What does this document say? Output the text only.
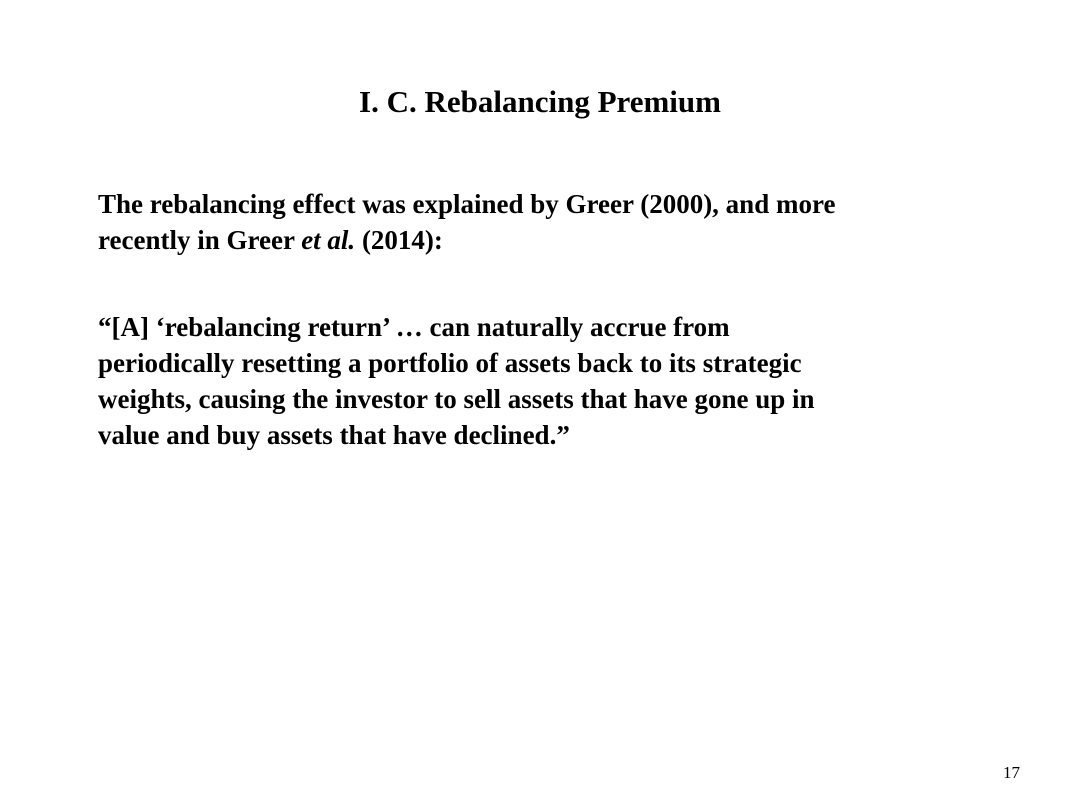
I. C. Rebalancing Premium
The rebalancing effect was explained by Greer (2000), and more
recently in Greer et al. (2014):
“[A] ‘rebalancing return’ … can naturally accrue from
periodically resetting a portfolio of assets back to its strategic
weights, causing the investor to sell assets that have gone up in
value and buy assets that have declined.”
17
